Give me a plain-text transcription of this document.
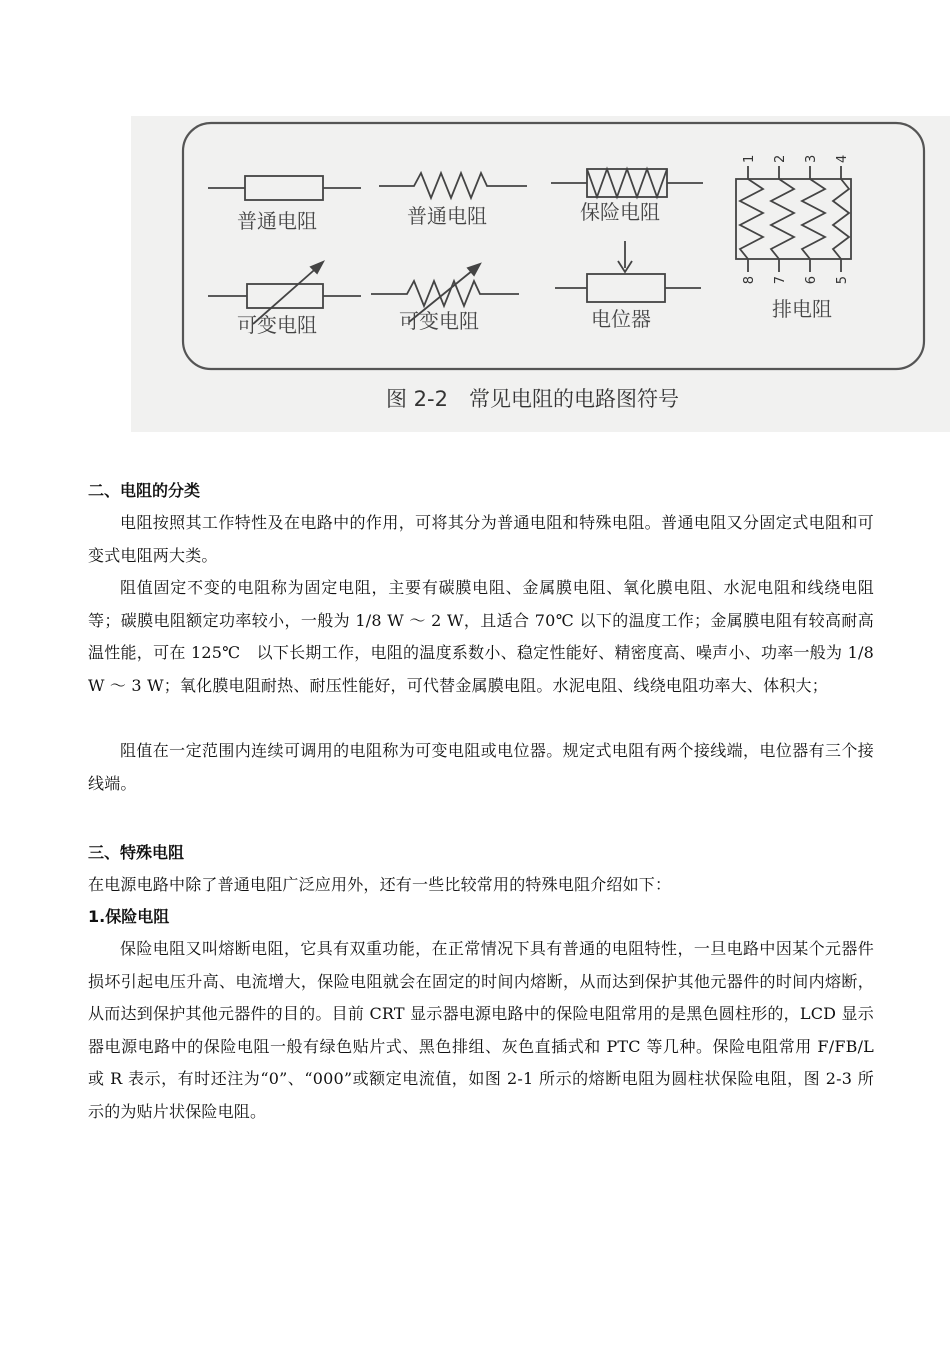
1 2 3 4
8 7 6 5
普通电阻	普通电阻	保险电阻
排电阻
可变电阻	可变电阻	电位器
图 2-2　常见电阻的电路图符号
二、电阻的分类

电阻按照其工作特性及在电路中的作用，可将其分为普通电阻和特殊电阻。普通电阻又分固定式电阻和可变式电阻两大类。

阻值固定不变的电阻称为固定电阻，主要有碳膜电阻、金属膜电阻、氧化膜电阻、水泥电阻和线绕电阻等；碳膜电阻额定功率较小，一般为 1/8 W ～ 2 W，且适合 70℃ 以下的温度工作；金属膜电阻有较高耐高温性能，可在 125℃　以下长期工作，电阻的温度系数小、稳定性能好、精密度高、噪声小、功率一般为 1/8 W ～ 3 W；氧化膜电阻耐热、耐压性能好，可代替金属膜电阻。水泥电阻、线绕电阻功率大、体积大；

阻值在一定范围内连续可调用的电阻称为可变电阻或电位器。规定式电阻有两个接线端，电位器有三个接线端。

三、特殊电阻

在电源电路中除了普通电阻广泛应用外，还有一些比较常用的特殊电阻介绍如下：

1.保险电阻

保险电阻又叫熔断电阻，它具有双重功能，在正常情况下具有普通的电阻特性，一旦电路中因某个元器件损坏引起电压升高、电流增大，保险电阻就会在固定的时间内熔断，从而达到保护其他元器件的时间内熔断，从而达到保护其他元器件的目的。目前 CRT 显示器电源电路中的保险电阻常用的是黑色圆柱形的，LCD 显示器电源电路中的保险电阻一般有绿色贴片式、黑色排组、灰色直插式和 PTC 等几种。保险电阻常用 F/FB/L 或 R 表示，有时还注为“0”、“000”或额定电流值，如图 2-1 所示的熔断电阻为圆柱状保险电阻，图 2-3 所示的为贴片状保险电阻。
